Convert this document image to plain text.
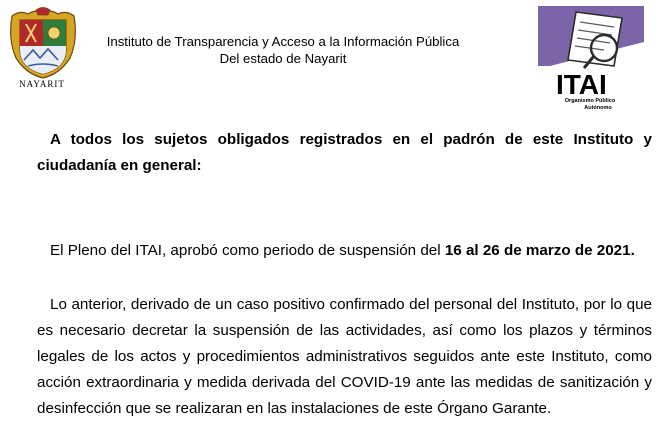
NAYARIT
Instituto de Transparencia y Acceso a la Información Pública
Del estado de Nayarit
ITAI
Organismo Público
Autónomo
A todos los sujetos obligados registrados en el padrón de este Instituto y ciudadanía en general:
El Pleno del ITAI, aprobó como periodo de suspensión del 16 al 26 de marzo de 2021.
Lo anterior, derivado de un caso positivo confirmado del personal del Instituto, por lo que es necesario decretar la suspensión de las actividades, así como los plazos y términos legales de los actos y procedimientos administrativos seguidos ante este Instituto, como acción extraordinaria y medida derivada del COVID-19 ante las medidas de sanitización y desinfección que se realizaran en las instalaciones de este Órgano Garante.
